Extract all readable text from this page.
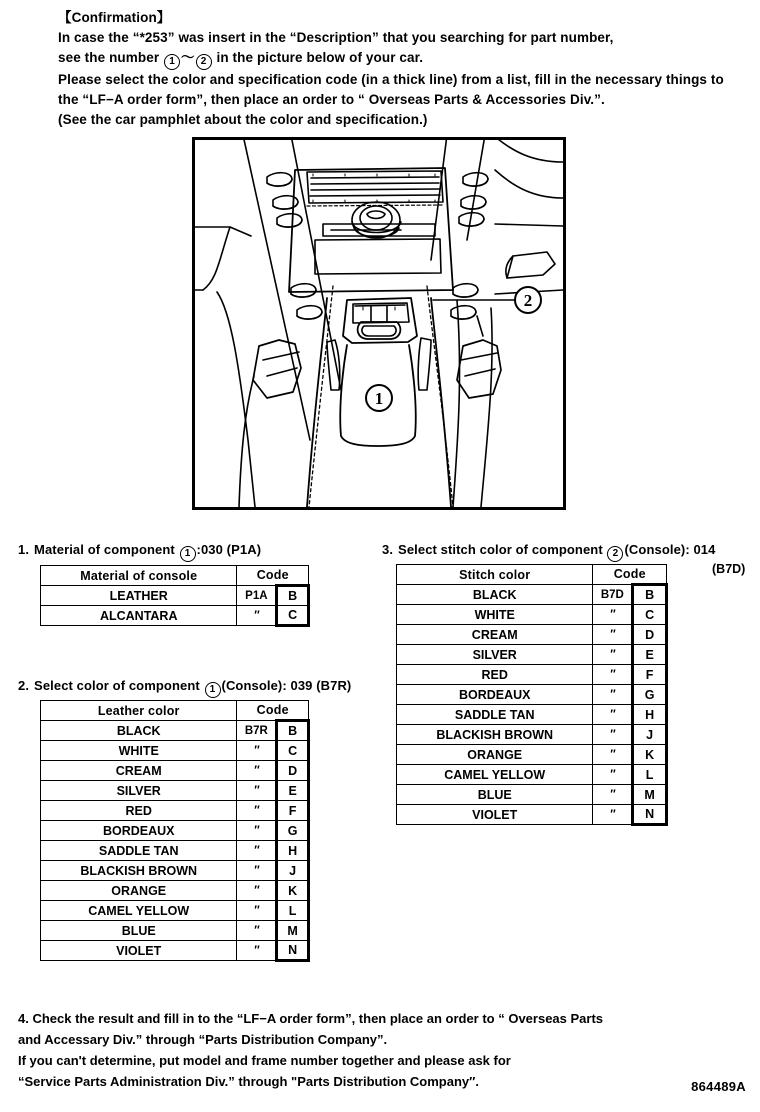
【Confirmation】
In case the “*253” was insert in the “Description” that you searching for part number,
see the number 1 ～ 2 in the picture below of your car.
Please select the color and specification code (in a thick line) from a list, fill in the necessary things to
the “LF−A order form”, then place an order to “ Overseas Parts & Accessories Div.”.
(See the car pamphlet about the color and specification.)
1
2
1. Material of component 1 :030 (P1A)
Material of console	Code	
LEATHER	P1A	B
ALCANTARA	″	C
2. Select color of component 1 (Console): 039 (B7R)
Leather color	Code	
BLACK	B7R	B
WHITE	″	C
CREAM	″	D
SILVER	″	E
RED	″	F
BORDEAUX	″	G
SADDLE TAN	″	H
BLACKISH BROWN	″	J
ORANGE	″	K
CAMEL YELLOW	″	L
BLUE	″	M
VIOLET	″	N
3. Select stitch color of component 2 (Console): 014
(B7D)
Stitch color	Code	
BLACK	B7D	B
WHITE	″	C
CREAM	″	D
SILVER	″	E
RED	″	F
BORDEAUX	″	G
SADDLE TAN	″	H
BLACKISH BROWN	″	J
ORANGE	″	K
CAMEL YELLOW	″	L
BLUE	″	M
VIOLET	″	N
4. Check the result and fill in to the “LF−A order form”, then place an order to “ Overseas Parts
and Accessary Div.” through “Parts Distribution Company”.
If you can't determine, put model and frame number together and please ask for
“Service Parts Administration Div.” through "Parts Distribution Company″.	864489A
